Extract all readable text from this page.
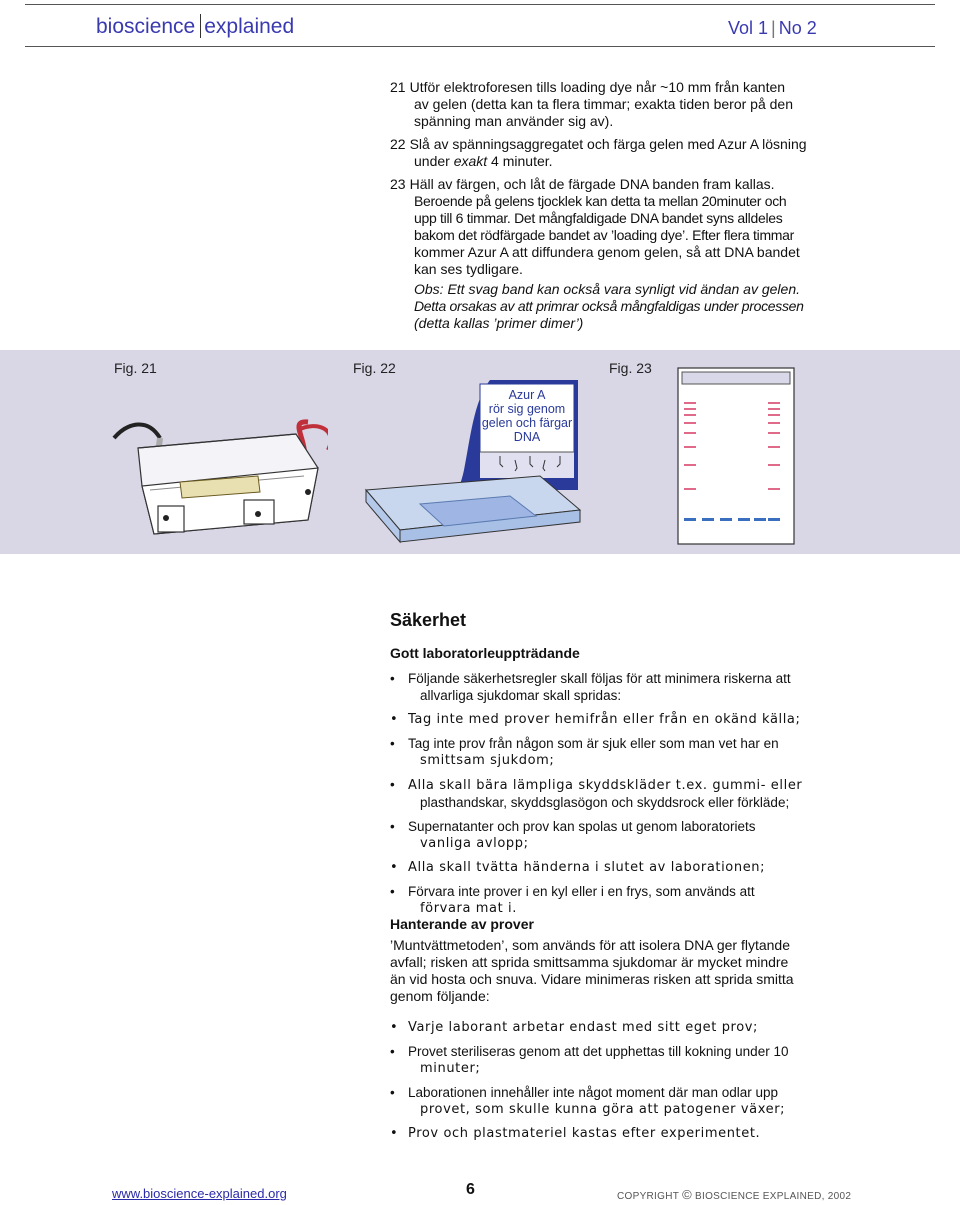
bioscience explained	Vol 1 | No 2
21 Utför elektroforesen tills loading dye når ~10 mm från kanten
av gelen (detta kan ta flera timmar; exakta tiden beror på den
spänning man använder sig av).
22 Slå av spänningsaggregatet och färga gelen med Azur A lösning
under exakt 4 minuter.
23 Häll av färgen, och låt de färgade DNA banden fram kallas.
Beroende på gelens tjocklek kan detta ta mellan 20minuter och
upp till 6 timmar. Det mångfaldigade DNA bandet syns alldeles
bakom det rödfärgade bandet av ’loading dye’. Efter flera timmar
kommer Azur A att diffundera genom gelen, så att DNA bandet
kan ses tydligare.
Obs: Ett svag band kan också vara synligt vid ändan av gelen.
Detta orsakas av att primrar också mångfaldigas under processen
(detta kallas ’primer dimer’)
Fig. 21	Fig. 22	Fig. 23
Azur A
rör sig genom
gelen och färgar
DNA
Säkerhet
Gott laboratorleuppträdande
• Följande säkerhetsregler skall följas för att minimera riskerna att
allvarliga sjukdomar skall spridas:
• Tag inte med prover hemifrån eller från en okänd källa;
• Tag inte prov från någon som är sjuk eller som man vet har en
smittsam sjukdom;
• Alla skall bära lämpliga skyddskläder t.ex. gummi- eller
plasthandskar, skyddsglasögon och skyddsrock eller förkläde;
• Supernatanter och prov kan spolas ut genom laboratoriets
vanliga avlopp;
• Alla skall tvätta händerna i slutet av laborationen;
• Förvara inte prover i en kyl eller i en frys, som används att
förvara mat i.
Hanterande av prover
’Muntvättmetoden’, som används för att isolera DNA ger flytande
avfall; risken att sprida smittsamma sjukdomar är mycket mindre
än vid hosta och snuva. Vidare minimeras risken att sprida smitta
genom följande:
• Varje laborant arbetar endast med sitt eget prov;
• Provet steriliseras genom att det upphettas till kokning under 10
minuter;
• Laborationen innehåller inte något moment där man odlar upp
provet, som skulle kunna göra att patogener växer;
• Prov och plastmateriel kastas efter experimentet.
www.bioscience-explained.org	6	COPYRIGHT © BIOSCIENCE EXPLAINED, 2002
